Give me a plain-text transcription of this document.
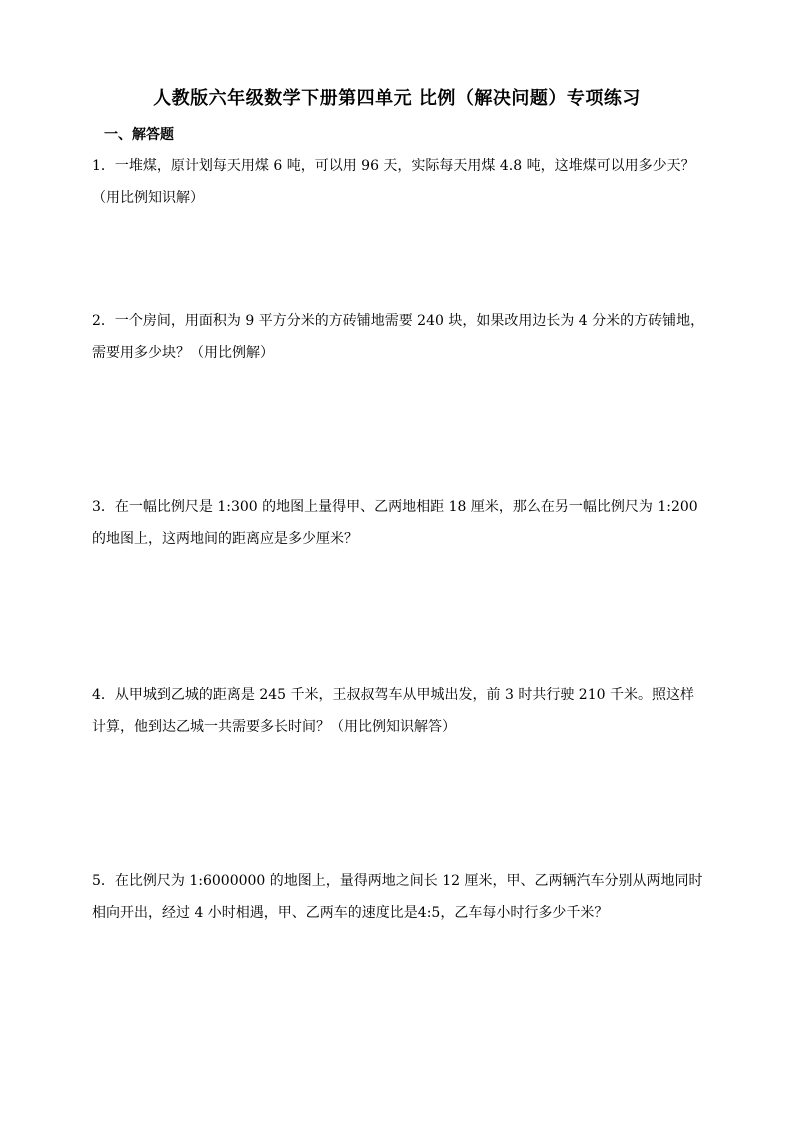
人教版六年级数学下册第四单元 比例（解决问题）专项练习
一、解答题
1．一堆煤，原计划每天用煤 6 吨，可以用 96 天，实际每天用煤 4.8 吨，这堆煤可以用多少天？
（用比例知识解）
2．一个房间，用面积为 9 平方分米的方砖铺地需要 240 块，如果改用边长为 4 分米的方砖铺地，
需要用多少块？（用比例解）
3．在一幅比例尺是 1:300 的地图上量得甲、乙两地相距 18 厘米，那么在另一幅比例尺为 1:200
的地图上，这两地间的距离应是多少厘米？
4．从甲城到乙城的距离是 245 千米，王叔叔驾车从甲城出发，前 3 时共行驶 210 千米。照这样
计算，他到达乙城一共需要多长时间？（用比例知识解答）
5．在比例尺为 1:6000000 的地图上，量得两地之间长 12 厘米，甲、乙两辆汽车分别从两地同时
相向开出，经过 4 小时相遇，甲、乙两车的速度比是4:5，乙车每小时行多少千米？
